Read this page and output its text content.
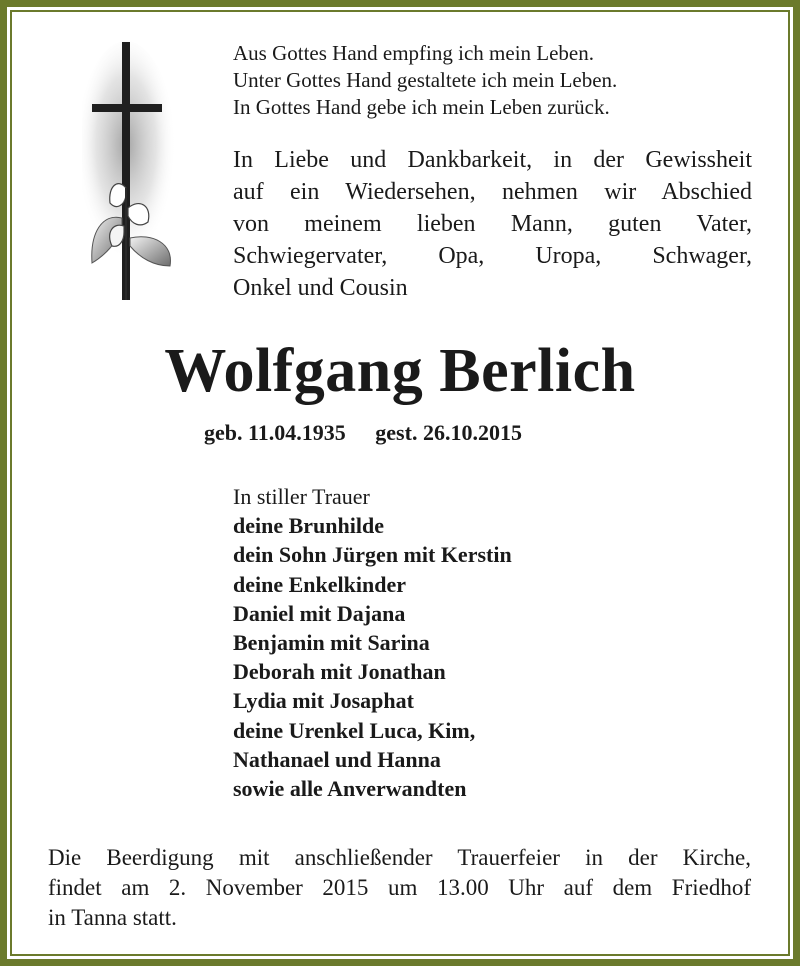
Aus Gottes Hand empfing ich mein Leben.
Unter Gottes Hand gestaltete ich mein Leben.
In Gottes Hand gebe ich mein Leben zurück.
In Liebe und Dankbarkeit, in der Gewissheit
auf ein Wiedersehen, nehmen wir Abschied
von meinem lieben Mann, guten Vater,
Schwiegervater, Opa, Uropa, Schwager,
Onkel und Cousin
Wolfgang Berlich
geb. 11.04.1935 gest. 26.10.2015
In stiller Trauer
deine Brunhilde
dein Sohn Jürgen mit Kerstin
deine Enkelkinder
Daniel mit Dajana
Benjamin mit Sarina
Deborah mit Jonathan
Lydia mit Josaphat
deine Urenkel Luca, Kim,
Nathanael und Hanna
sowie alle Anverwandten
Die Beerdigung mit anschließender Trauerfeier in der Kirche,
findet am 2. November 2015 um 13.00 Uhr auf dem Friedhof
in Tanna statt.
